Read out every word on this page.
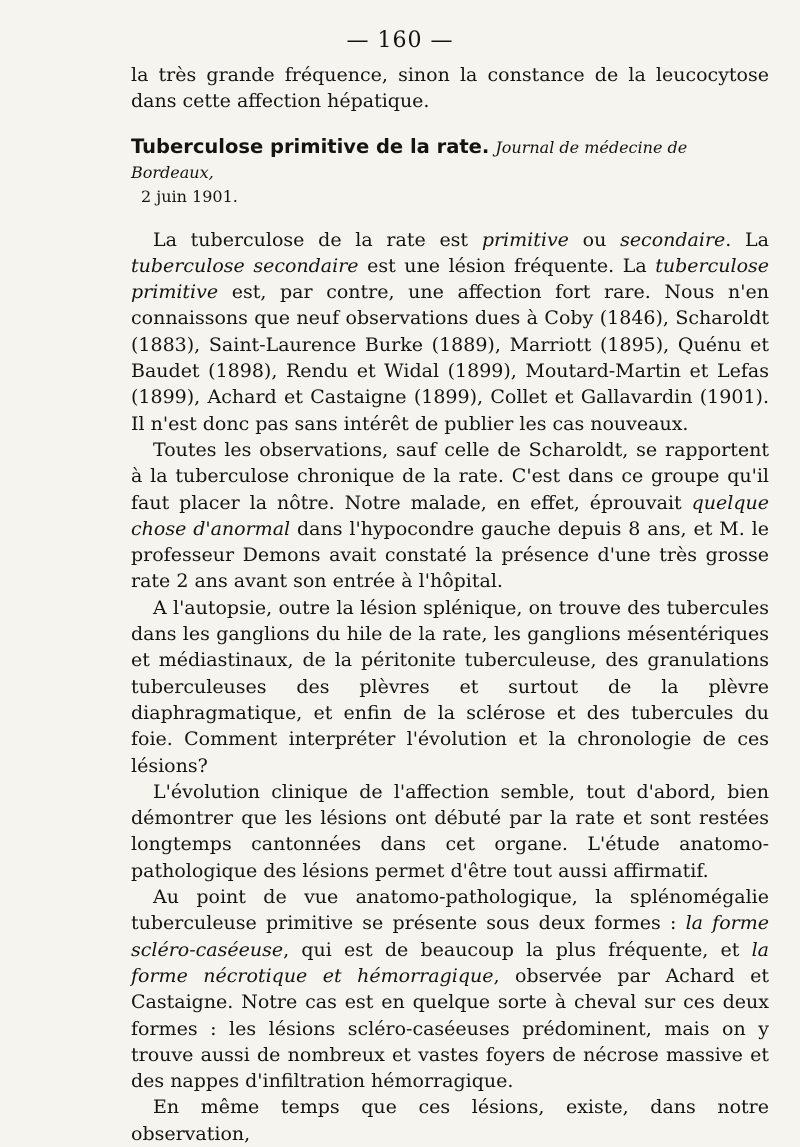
— 160 —

la très grande fréquence, sinon la constance de la leucocytose dans cette affection hépatique.

Tuberculose primitive de la rate. Journal de médecine de Bordeaux,
2 juin 1901.

La tuberculose de la rate est primitive ou secondaire. La tuberculose secondaire est une lésion fréquente. La tuberculose primitive est, par contre, une affection fort rare. Nous n'en connaissons que neuf observations dues à Coby (1846), Scharoldt (1883), Saint-Laurence Burke (1889), Marriott (1895), Quénu et Baudet (1898), Rendu et Widal (1899), Moutard-Martin et Lefas (1899), Achard et Castaigne (1899), Collet et Gallavardin (1901). Il n'est donc pas sans intérêt de publier les cas nouveaux.

Toutes les observations, sauf celle de Scharoldt, se rapportent à la tuberculose chronique de la rate. C'est dans ce groupe qu'il faut placer la nôtre. Notre malade, en effet, éprouvait quelque chose d'anormal dans l'hypocondre gauche depuis 8 ans, et M. le professeur Demons avait constaté la présence d'une très grosse rate 2 ans avant son entrée à l'hôpital.

A l'autopsie, outre la lésion splénique, on trouve des tubercules dans les ganglions du hile de la rate, les ganglions mésentériques et médiastinaux, de la péritonite tuberculeuse, des granulations tuberculeuses des plèvres et surtout de la plèvre diaphragmatique, et enfin de la sclérose et des tubercules du foie. Comment interpréter l'évolution et la chronologie de ces lésions?

L'évolution clinique de l'affection semble, tout d'abord, bien démontrer que les lésions ont débuté par la rate et sont restées longtemps cantonnées dans cet organe. L'étude anatomo-pathologique des lésions permet d'être tout aussi affirmatif.

Au point de vue anatomo-pathologique, la splénomégalie tuberculeuse primitive se présente sous deux formes : la forme scléro-caséeuse, qui est de beaucoup la plus fréquente, et la forme nécrotique et hémorragique, observée par Achard et Castaigne. Notre cas est en quelque sorte à cheval sur ces deux formes : les lésions scléro-caséeuses prédominent, mais on y trouve aussi de nombreux et vastes foyers de nécrose massive et des nappes d'infiltration hémorragique.

En même temps que ces lésions, existe, dans notre observation,
